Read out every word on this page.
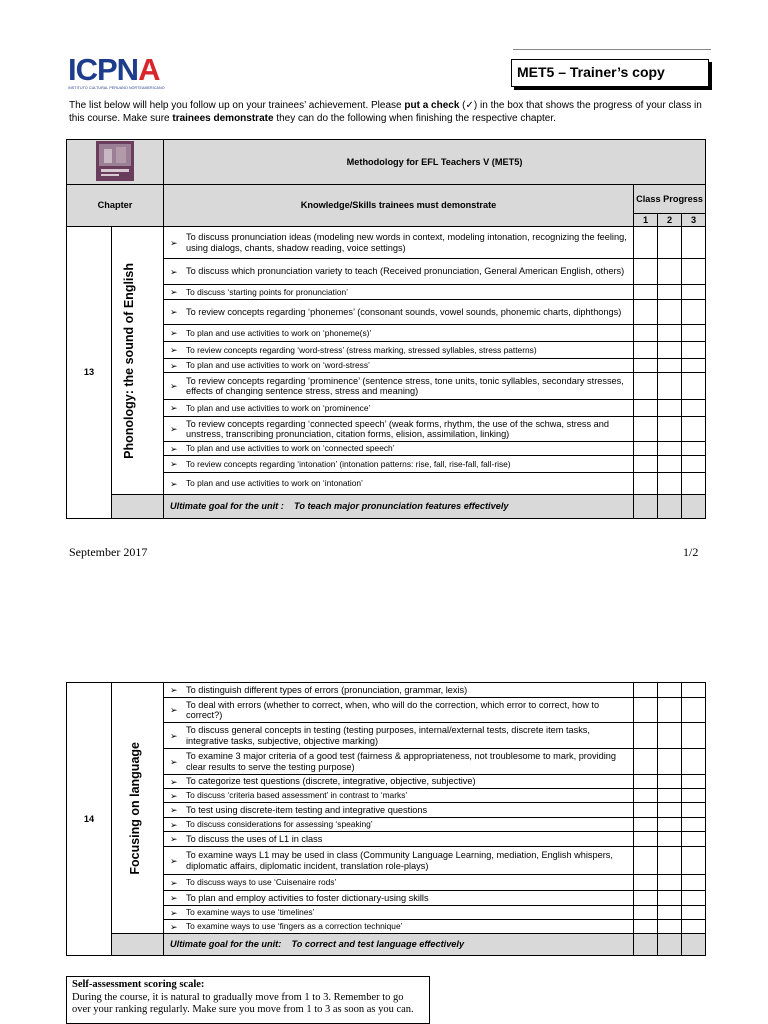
ICPNA
INSTITUTO CULTURAL PERUANO NORTEAMERICANO
MET5 – Trainer’s copy
The list below will help you follow up on your trainees’ achievement. Please put a check (✓) in the box that shows the progress of your class in this course. Make sure trainees demonstrate they can do the following when finishing the respective chapter.
	Methodology for EFL Teachers V (MET5)			
Chapter		Knowledge/Skills trainees must demonstrate	Class Progress		
			1	2	3
13	Phonology: the sound of English	➢
To discuss pronunciation ideas (modeling new words in context, modeling intonation, recognizing the feeling, using dialogs, chants, shadow reading, voice settings)			

		➢ To discuss which pronunciation variety to teach (Received pronunciation, General American English, others)			

		➢ To discuss ‘starting points for pronunciation’			

		➢ To review concepts regarding ‘phonemes’ (consonant sounds, vowel sounds, phonemic charts, diphthongs)			

		➢ To plan and use activities to work on ‘phoneme(s)’			

		➢ To review concepts regarding ‘word-stress’ (stress marking, stressed syllables, stress patterns)			

		➢ To plan and use activities to work on ‘word-stress’			

		➢
To review concepts regarding ‘prominence’ (sentence stress, tone units, tonic syllables, secondary stresses, effects of changing sentence stress, stress and meaning)			

		➢ To plan and use activities to work on ‘prominence’			

		➢
To review concepts regarding ‘connected speech’ (weak forms, rhythm, the use of the schwa, stress and unstress, transcribing pronunciation, citation forms, elision, assimilation, linking)			

		➢ To plan and use activities to work on ‘connected speech’			

		➢ To review concepts regarding ‘intonation’ (intonation patterns: rise, fall, rise-fall, fall-rise)			

		➢ To plan and use activities to work on ‘intonation’			
		Ultimate goal for the unit : To teach major pronunciation features effectively			
September 2017	1/2
14	Focusing on language	➢ To distinguish different types of errors (pronunciation, grammar, lexis)			

		➢
To deal with errors (whether to correct, when, who will do the correction, which error to correct, how to correct?)			

		➢
To discuss general concepts in testing (testing purposes, internal/external tests, discrete item tasks, integrative tasks, subjective, objective marking)			

		➢
To examine 3 major criteria of a good test (fairness & appropriateness, not troublesome to mark, providing clear results to serve the testing purpose)			

		➢ To categorize test questions (discrete, integrative, objective, subjective)			

		➢ To discuss ‘criteria based assessment’ in contrast to ‘marks’			

		➢ To test using discrete-item testing and integrative questions			

		➢ To discuss considerations for assessing ‘speaking’			

		➢ To discuss the uses of L1 in class			

		➢
To examine ways L1 may be used in class (Community Language Learning, mediation, English whispers, diplomatic affairs, diplomatic incident, translation role-plays)			

		➢ To discuss ways to use ‘Cuisenaire rods’			

		➢ To plan and employ activities to foster dictionary-using skills			

		➢ To examine ways to use ‘timelines’			

		➢ To examine ways to use ‘fingers as a correction technique’			
		Ultimate goal for the unit: To correct and test language effectively			
Self-assessment scoring scale:
During the course, it is natural to gradually move from 1 to 3. Remember to go over your ranking regularly. Make sure you move from 1 to 3 as soon as you can.
